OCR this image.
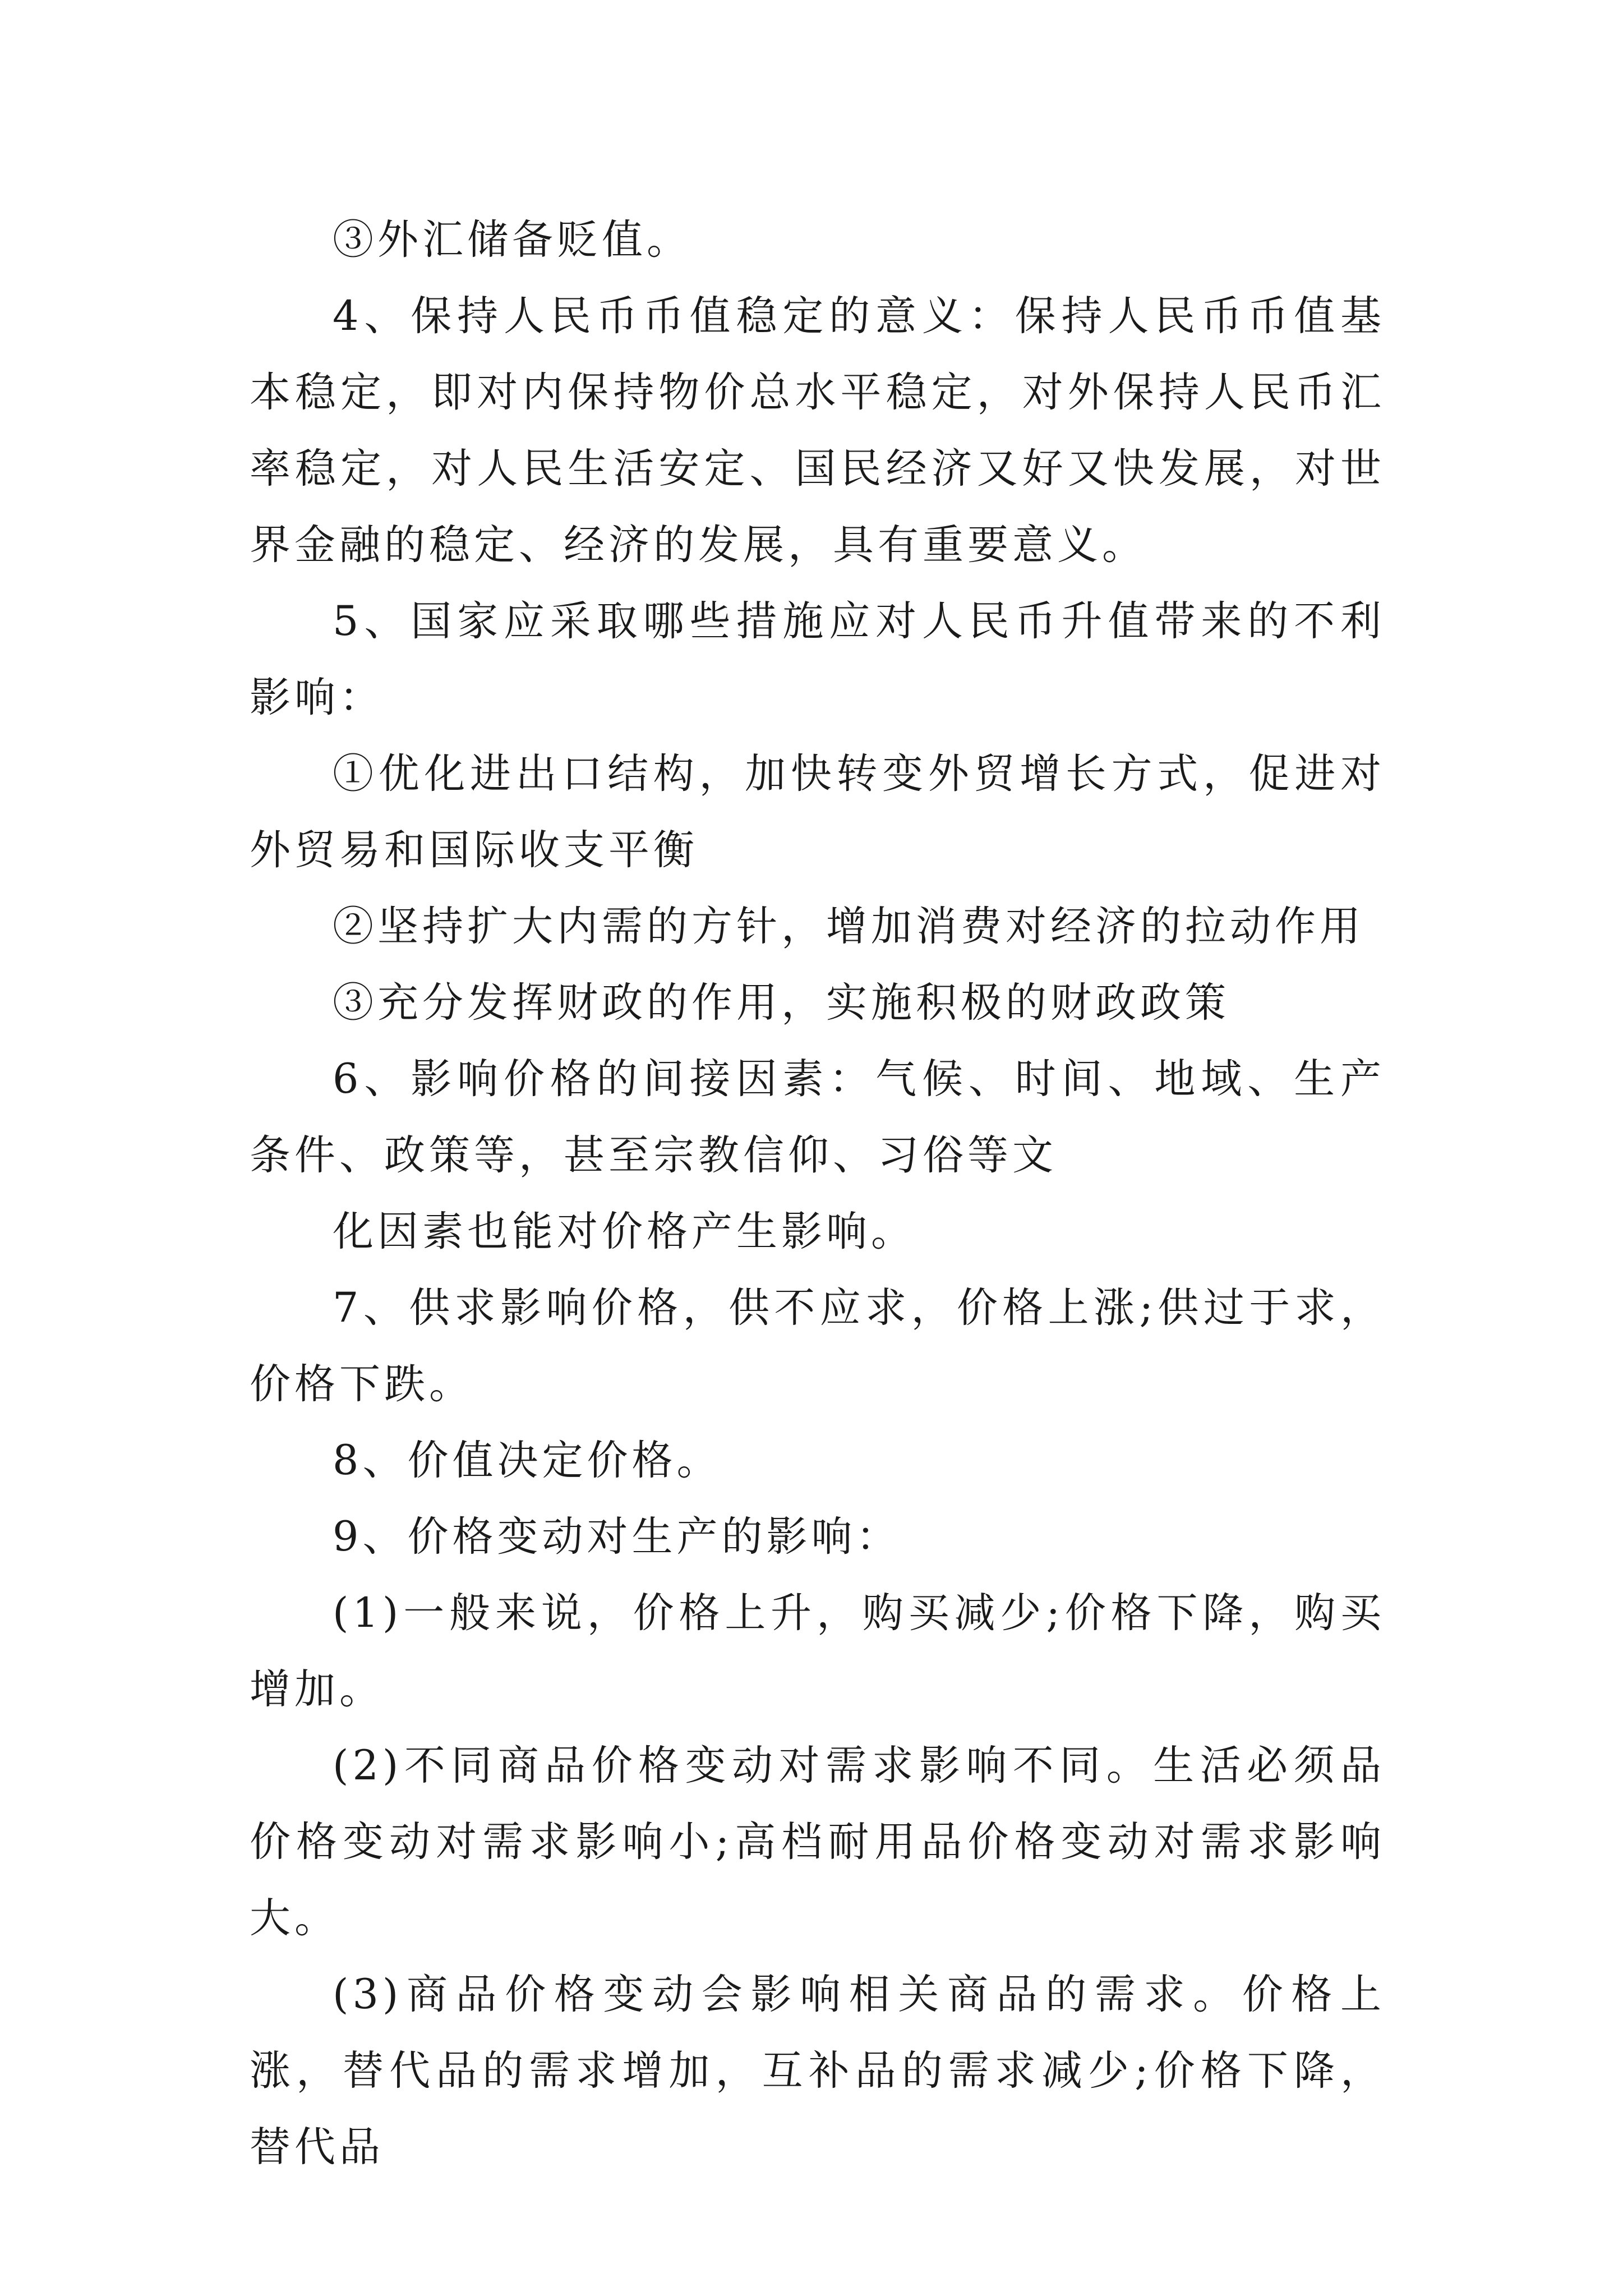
③外汇储备贬值。

4、保持人民币币值稳定的意义：保持人民币币值基本稳定，即对内保持物价总水平稳定，对外保持人民币汇率稳定，对人民生活安定、国民经济又好又快发展，对世界金融的稳定、经济的发展，具有重要意义。

5、国家应采取哪些措施应对人民币升值带来的不利影响：

①优化进出口结构，加快转变外贸增长方式，促进对外贸易和国际收支平衡

②坚持扩大内需的方针，增加消费对经济的拉动作用

③充分发挥财政的作用，实施积极的财政政策

6、影响价格的间接因素：气候、时间、地域、生产条件、政策等，甚至宗教信仰、习俗等文

化因素也能对价格产生影响。

7、供求影响价格，供不应求，价格上涨;供过于求，价格下跌。

8、价值决定价格。

9、价格变动对生产的影响：

(1)一般来说，价格上升，购买减少;价格下降，购买增加。

(2)不同商品价格变动对需求影响不同。生活必须品价格变动对需求影响小;高档耐用品价格变动对需求影响大。

(3)商品价格变动会影响相关商品的需求。价格上涨，替代品的需求增加，互补品的需求减少;价格下降，替代品
